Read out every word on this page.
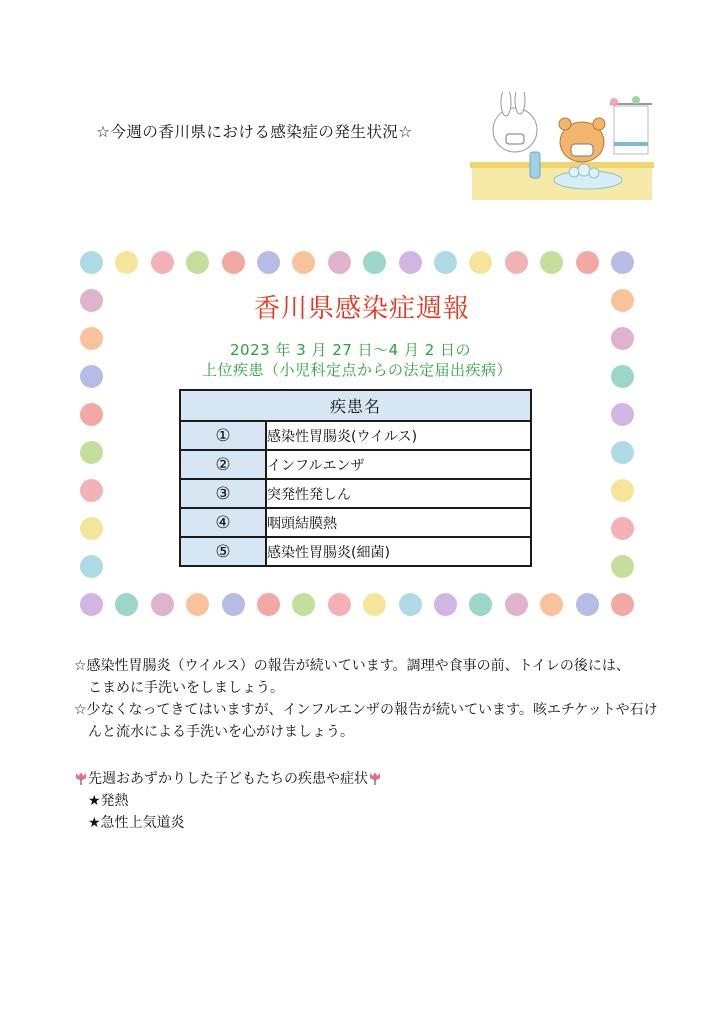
☆今週の香川県における感染症の発生状況☆
香川県感染症週報
2023 年 3 月 27 日～4 月 2 日の
上位疾患（小児科定点からの法定届出疾病）
疾患名	
①	感染性胃腸炎(ウイルス)
②	インフルエンザ
③	突発性発しん
④	咽頭結膜熱
⑤	感染性胃腸炎(細菌)
☆感染性胃腸炎（ウイルス）の報告が続いています。調理や食事の前、トイレの後には、
こまめに手洗いをしましょう。
☆少なくなってきてはいますが、インフルエンザの報告が続いています。咳エチケットや石け
んと流水による手洗いを心がけましょう。
先週おあずかりした子どもたちの疾患や症状
★発熱
★急性上気道炎
